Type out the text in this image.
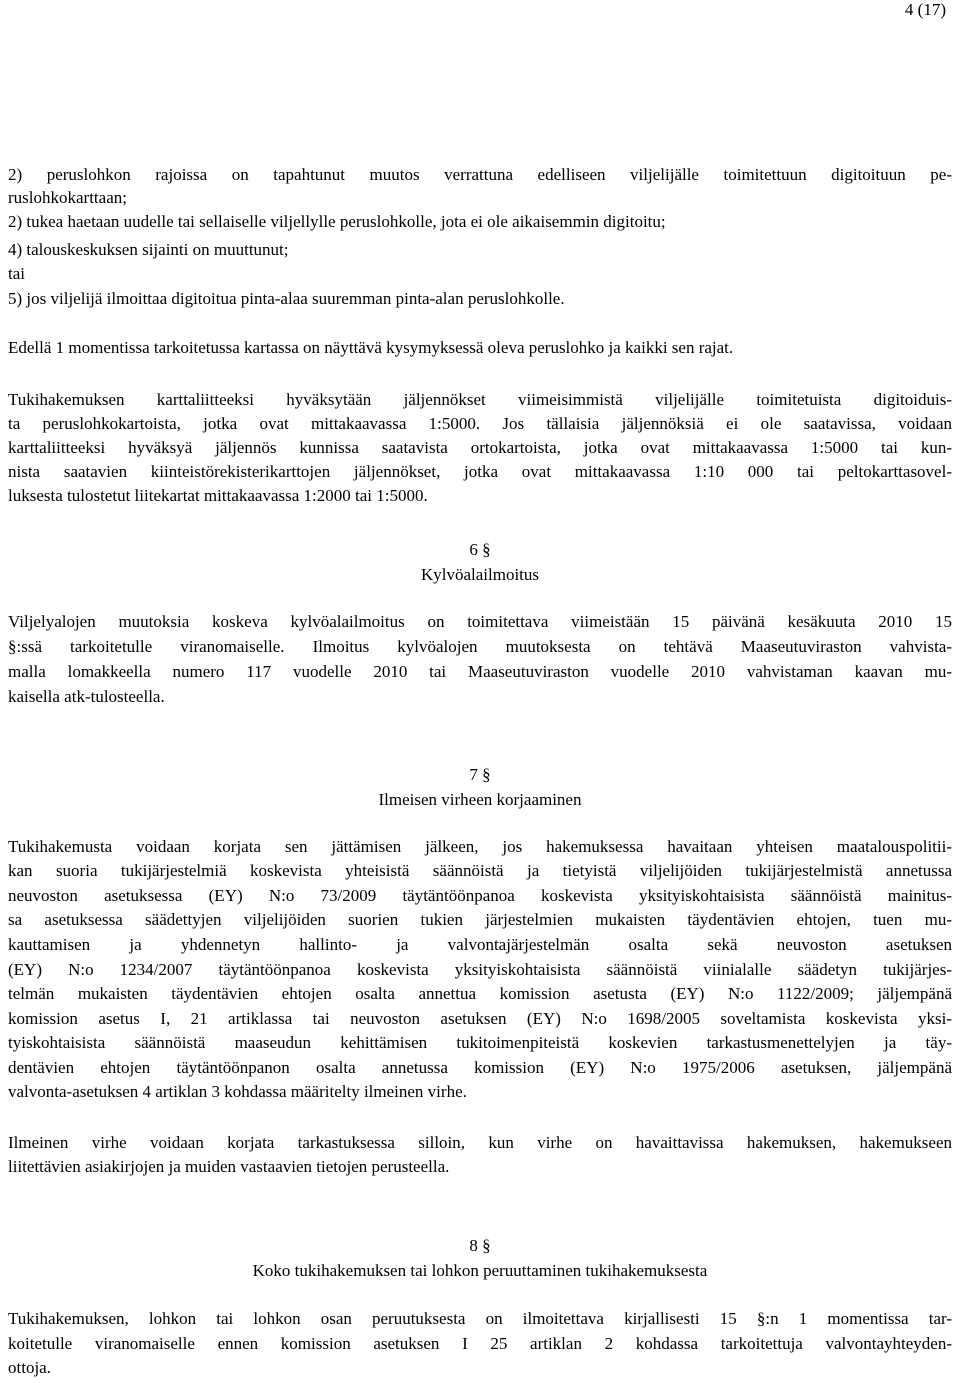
4 (17)
2) peruslohkon rajoissa on tapahtunut muutos verrattuna edelliseen viljelijälle toimitettuun digitoituun pe-
ruslohkokarttaan;
2) tukea haetaan uudelle tai sellaiselle viljellylle peruslohkolle, jota ei ole aikaisemmin digitoitu;
4) talouskeskuksen sijainti on muuttunut;
tai
5) jos viljelijä ilmoittaa digitoitua pinta-alaa suuremman pinta-alan peruslohkolle.
Edellä 1 momentissa tarkoitetussa kartassa on näyttävä kysymyksessä oleva peruslohko ja kaikki sen rajat.
Tukihakemuksen karttaliitteeksi hyväksytään jäljennökset viimeisimmistä viljelijälle toimitetuista digitoiduis-
ta peruslohkokartoista, jotka ovat mittakaavassa 1:5000. Jos tällaisia jäljennöksiä ei ole saatavissa, voidaan
karttaliitteeksi hyväksyä jäljennös kunnissa saatavista ortokartoista, jotka ovat mittakaavassa 1:5000 tai kun-
nista saatavien kiinteistörekisterikarttojen jäljennökset, jotka ovat mittakaavassa 1:10 000 tai peltokarttasovel-
luksesta tulostetut liitekartat mittakaavassa 1:2000 tai 1:5000.
6 §
Kylvöalailmoitus
Viljelyalojen muutoksia koskeva kylvöalailmoitus on toimitettava viimeistään 15 päivänä kesäkuuta 2010 15
§:ssä tarkoitetulle viranomaiselle. Ilmoitus kylvöalojen muutoksesta on tehtävä Maaseutuviraston vahvista-
malla lomakkeella numero 117 vuodelle 2010 tai Maaseutuviraston vuodelle 2010 vahvistaman kaavan mu-
kaisella atk-tulosteella.
7 §
Ilmeisen virheen korjaaminen
Tukihakemusta voidaan korjata sen jättämisen jälkeen, jos hakemuksessa havaitaan yhteisen maatalouspolitii-
kan suoria tukijärjestelmiä koskevista yhteisistä säännöistä ja tietyistä viljelijöiden tukijärjestelmistä annetussa
neuvoston asetuksessa (EY) N:o 73/2009 täytäntöönpanoa koskevista yksityiskohtaisista säännöistä mainitus-
sa asetuksessa säädettyjen viljelijöiden suorien tukien järjestelmien mukaisten täydentävien ehtojen, tuen mu-
kauttamisen ja yhdennetyn hallinto- ja valvontajärjestelmän osalta sekä neuvoston asetuksen
(EY) N:o 1234/2007 täytäntöönpanoa koskevista yksityiskohtaisista säännöistä viinialalle säädetyn tukijärjes-
telmän mukaisten täydentävien ehtojen osalta annettua komission asetusta (EY) N:o 1122/2009; jäljempänä
komission asetus I, 21 artiklassa tai neuvoston asetuksen (EY) N:o 1698/2005 soveltamista koskevista yksi-
tyiskohtaisista säännöistä maaseudun kehittämisen tukitoimenpiteistä koskevien tarkastusmenettelyjen ja täy-
dentävien ehtojen täytäntöönpanon osalta annetussa komission (EY) N:o 1975/2006 asetuksen, jäljempänä
valvonta-asetuksen 4 artiklan 3 kohdassa määritelty ilmeinen virhe.
Ilmeinen virhe voidaan korjata tarkastuksessa silloin, kun virhe on havaittavissa hakemuksen, hakemukseen
liitettävien asiakirjojen ja muiden vastaavien tietojen perusteella.
8 §
Koko tukihakemuksen tai lohkon peruuttaminen tukihakemuksesta
Tukihakemuksen, lohkon tai lohkon osan peruutuksesta on ilmoitettava kirjallisesti 15 §:n 1 momentissa tar-
koitetulle viranomaiselle ennen komission asetuksen I 25 artiklan 2 kohdassa tarkoitettuja valvontayhteyden-
ottoja.
